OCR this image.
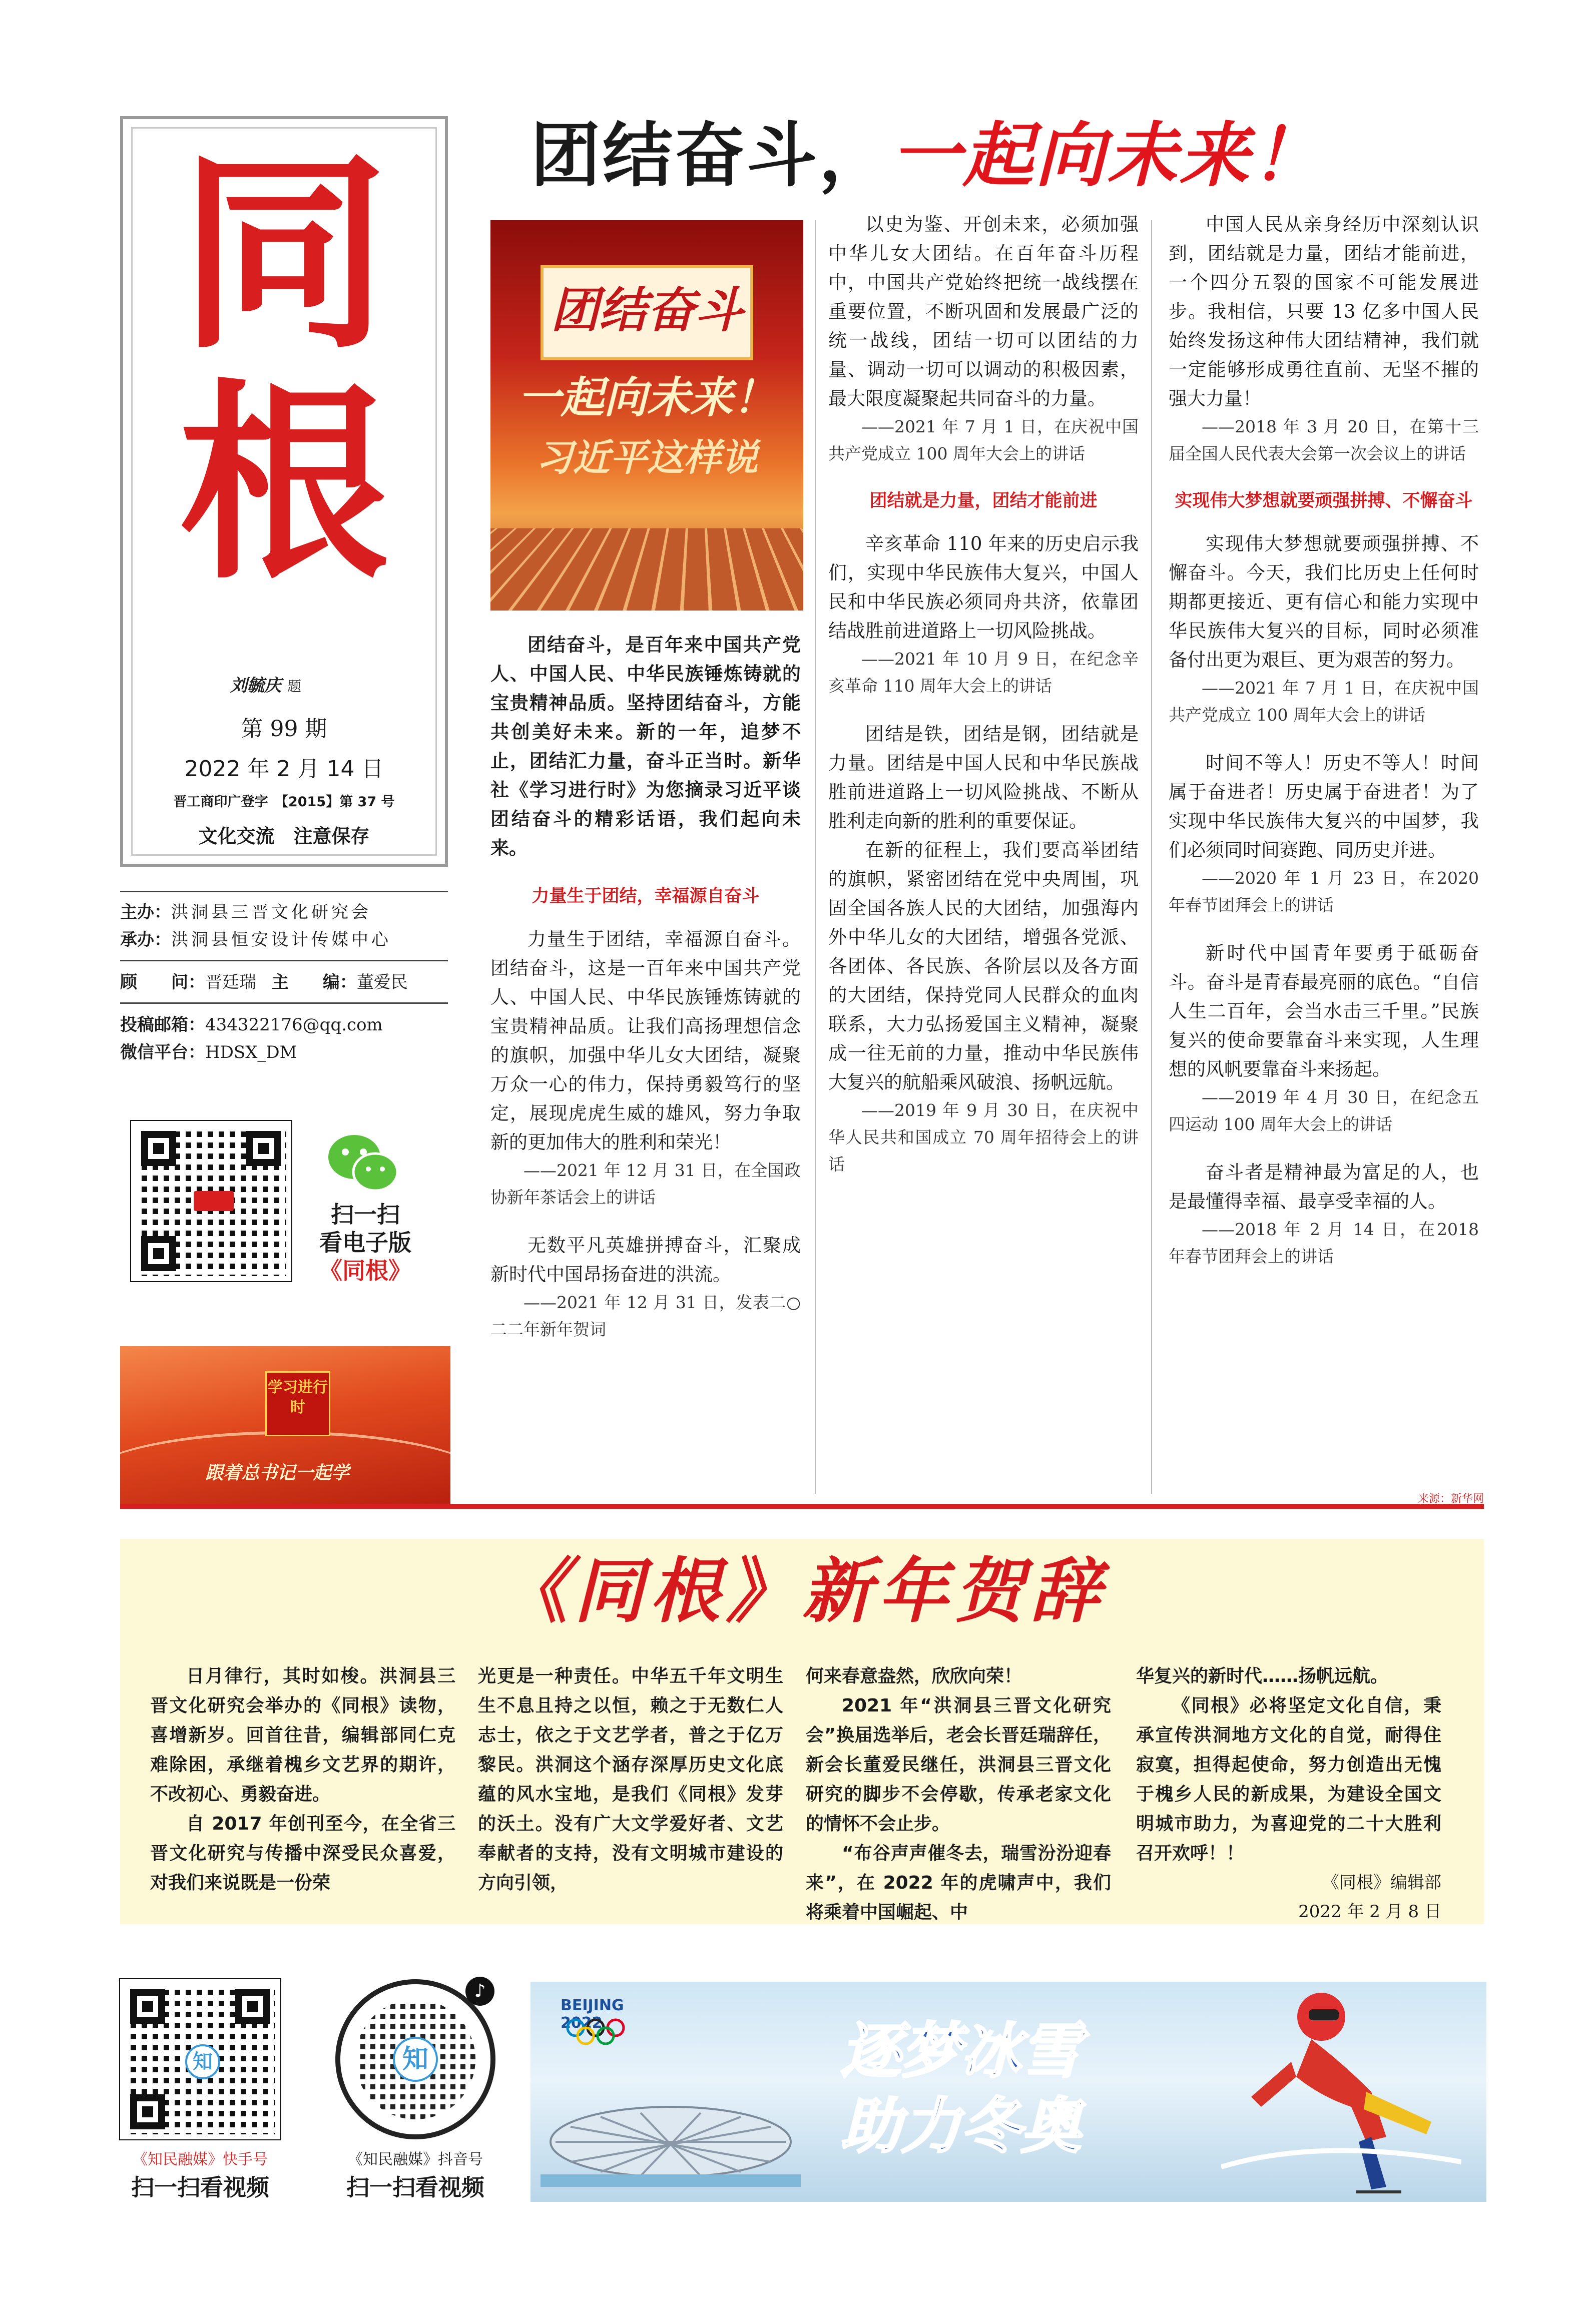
同
根
刘毓庆 题
第 99 期
2022 年 2 月 14 日
晋工商印广登字　【2015】第 37 号
文化交流　注意保存
主办：洪洞县三晋文化研究会
承办：洪洞县恒安设计传媒中心
顾　　问：晋廷瑞 主　　编：董爱民
投稿邮箱：434322176@qq.com
微信平台：HDSX_DM
扫一扫
看电子版
《同根》
学习进行时
跟着总书记一起学
团结奋斗，一起向未来！
团结奋斗
一起向未来！
习近平这样说

团结奋斗，是百年来中国共产党人、中国人民、中华民族锤炼铸就的宝贵精神品质。坚持团结奋斗，方能共创美好未来。新的一年，追梦不止，团结汇力量，奋斗正当时。新华社《学习进行时》为您摘录习近平谈团结奋斗的精彩话语，我们起向未来。

力量生于团结，幸福源自奋斗

力量生于团结，幸福源自奋斗。团结奋斗，这是一百年来中国共产党人、中国人民、中华民族锤炼铸就的宝贵精神品质。让我们高扬理想信念的旗帜，加强中华儿女大团结，凝聚万众一心的伟力，保持勇毅笃行的坚定，展现虎虎生威的雄风，努力争取新的更加伟大的胜利和荣光！

——2021 年 12 月 31 日，在全国政协新年茶话会上的讲话

无数平凡英雄拼搏奋斗，汇聚成新时代中国昂扬奋进的洪流。

——2021 年 12 月 31 日，发表二○二二年新年贺词

以史为鉴、开创未来，必须加强中华儿女大团结。在百年奋斗历程中，中国共产党始终把统一战线摆在重要位置，不断巩固和发展最广泛的统一战线，团结一切可以团结的力量、调动一切可以调动的积极因素，最大限度凝聚起共同奋斗的力量。

——2021 年 7 月 1 日，在庆祝中国共产党成立 100 周年大会上的讲话

团结就是力量，团结才能前进

辛亥革命 110 年来的历史启示我们，实现中华民族伟大复兴，中国人民和中华民族必须同舟共济，依靠团结战胜前进道路上一切风险挑战。

——2021 年 10 月 9 日，在纪念辛亥革命 110 周年大会上的讲话

团结是铁，团结是钢，团结就是力量。团结是中国人民和中华民族战胜前进道路上一切风险挑战、不断从胜利走向新的胜利的重要保证。

在新的征程上，我们要高举团结的旗帜，紧密团结在党中央周围，巩固全国各族人民的大团结，加强海内外中华儿女的大团结，增强各党派、各团体、各民族、各阶层以及各方面的大团结，保持党同人民群众的血肉联系，大力弘扬爱国主义精神，凝聚成一往无前的力量，推动中华民族伟大复兴的航船乘风破浪、扬帆远航。

——2019 年 9 月 30 日，在庆祝中华人民共和国成立 70 周年招待会上的讲话

中国人民从亲身经历中深刻认识到，团结就是力量，团结才能前进，一个四分五裂的国家不可能发展进步。我相信，只要 13 亿多中国人民始终发扬这种伟大团结精神，我们就一定能够形成勇往直前、无坚不摧的强大力量！

——2018 年 3 月 20 日，在第十三届全国人民代表大会第一次会议上的讲话

实现伟大梦想就要顽强拼搏、不懈奋斗

实现伟大梦想就要顽强拼搏、不懈奋斗。今天，我们比历史上任何时期都更接近、更有信心和能力实现中华民族伟大复兴的目标，同时必须准备付出更为艰巨、更为艰苦的努力。

——2021 年 7 月 1 日，在庆祝中国共产党成立 100 周年大会上的讲话

时间不等人！历史不等人！时间属于奋进者！历史属于奋进者！为了实现中华民族伟大复兴的中国梦，我们必须同时间赛跑、同历史并进。

——2020 年 1 月 23 日，在2020 年春节团拜会上的讲话

新时代中国青年要勇于砥砺奋斗。奋斗是青春最亮丽的底色。“自信人生二百年，会当水击三千里。”民族复兴的使命要靠奋斗来实现，人生理想的风帆要靠奋斗来扬起。

——2019 年 4 月 30 日，在纪念五四运动 100 周年大会上的讲话

奋斗者是精神最为富足的人，也是最懂得幸福、最享受幸福的人。

——2018 年 2 月 14 日，在2018 年春节团拜会上的讲话

来源：新华网
《同根》新年贺辞

日月律行，其时如梭。洪洞县三晋文化研究会举办的《同根》读物，喜增新岁。回首往昔，编辑部同仁克难除困，承继着槐乡文艺界的期许，不改初心、勇毅奋进。

自 2017 年创刊至今，在全省三晋文化研究与传播中深受民众喜爱，对我们来说既是一份荣

光更是一种责任。中华五千年文明生生不息且持之以恒，赖之于无数仁人志士，依之于文艺学者，普之于亿万黎民。洪洞这个涵存深厚历史文化底蕴的风水宝地，是我们《同根》发芽的沃土。没有广大文学爱好者、文艺奉献者的支持，没有文明城市建设的方向引领，

何来春意盎然，欣欣向荣！

2021 年“洪洞县三晋文化研究会”换届选举后，老会长晋廷瑞辞任，新会长董爱民继任，洪洞县三晋文化研究的脚步不会停歇，传承老家文化的情怀不会止步。

“布谷声声催冬去，瑞雪汾汾迎春来”，在 2022 年的虎啸声中，我们将乘着中国崛起、中

华复兴的新时代……扬帆远航。

《同根》必将坚定文化自信，秉承宣传洪洞地方文化的自觉，耐得住寂寞，担得起使命，努力创造出无愧于槐乡人民的新成果，为建设全国文明城市助力，为喜迎党的二十大胜利召开欢呼！！

《同根》编辑部
2022 年 2 月 8 日
知
《知民融媒》快手号
扫一扫看视频
知
♪
《知民融媒》抖音号
扫一扫看视频
BEIJING 2022	逐梦冰雪
助力冬奥
